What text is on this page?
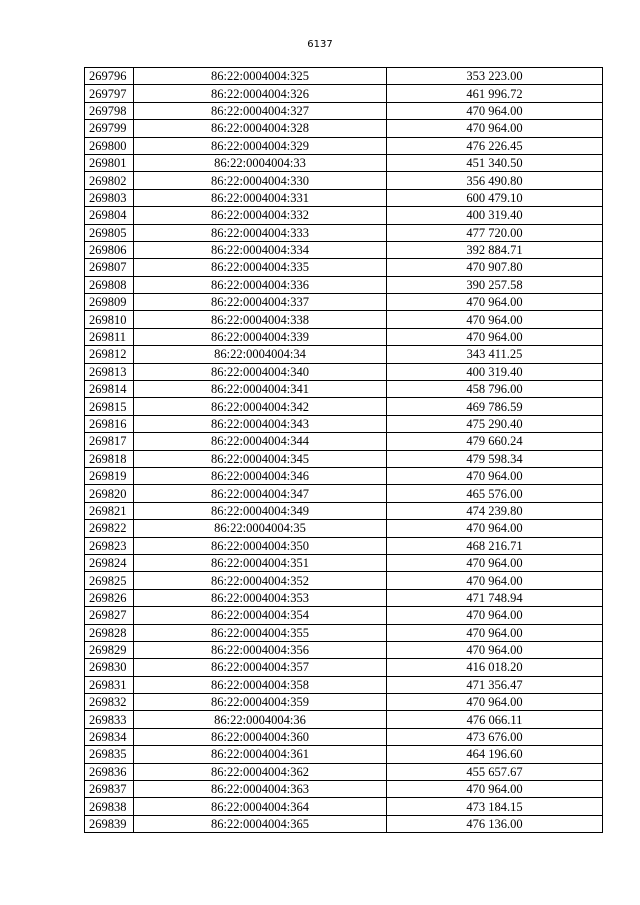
6137
269796	86:22:0004004:325	353 223.00
269797	86:22:0004004:326	461 996.72
269798	86:22:0004004:327	470 964.00
269799	86:22:0004004:328	470 964.00
269800	86:22:0004004:329	476 226.45
269801	86:22:0004004:33	451 340.50
269802	86:22:0004004:330	356 490.80
269803	86:22:0004004:331	600 479.10
269804	86:22:0004004:332	400 319.40
269805	86:22:0004004:333	477 720.00
269806	86:22:0004004:334	392 884.71
269807	86:22:0004004:335	470 907.80
269808	86:22:0004004:336	390 257.58
269809	86:22:0004004:337	470 964.00
269810	86:22:0004004:338	470 964.00
269811	86:22:0004004:339	470 964.00
269812	86:22:0004004:34	343 411.25
269813	86:22:0004004:340	400 319.40
269814	86:22:0004004:341	458 796.00
269815	86:22:0004004:342	469 786.59
269816	86:22:0004004:343	475 290.40
269817	86:22:0004004:344	479 660.24
269818	86:22:0004004:345	479 598.34
269819	86:22:0004004:346	470 964.00
269820	86:22:0004004:347	465 576.00
269821	86:22:0004004:349	474 239.80
269822	86:22:0004004:35	470 964.00
269823	86:22:0004004:350	468 216.71
269824	86:22:0004004:351	470 964.00
269825	86:22:0004004:352	470 964.00
269826	86:22:0004004:353	471 748.94
269827	86:22:0004004:354	470 964.00
269828	86:22:0004004:355	470 964.00
269829	86:22:0004004:356	470 964.00
269830	86:22:0004004:357	416 018.20
269831	86:22:0004004:358	471 356.47
269832	86:22:0004004:359	470 964.00
269833	86:22:0004004:36	476 066.11
269834	86:22:0004004:360	473 676.00
269835	86:22:0004004:361	464 196.60
269836	86:22:0004004:362	455 657.67
269837	86:22:0004004:363	470 964.00
269838	86:22:0004004:364	473 184.15
269839	86:22:0004004:365	476 136.00
